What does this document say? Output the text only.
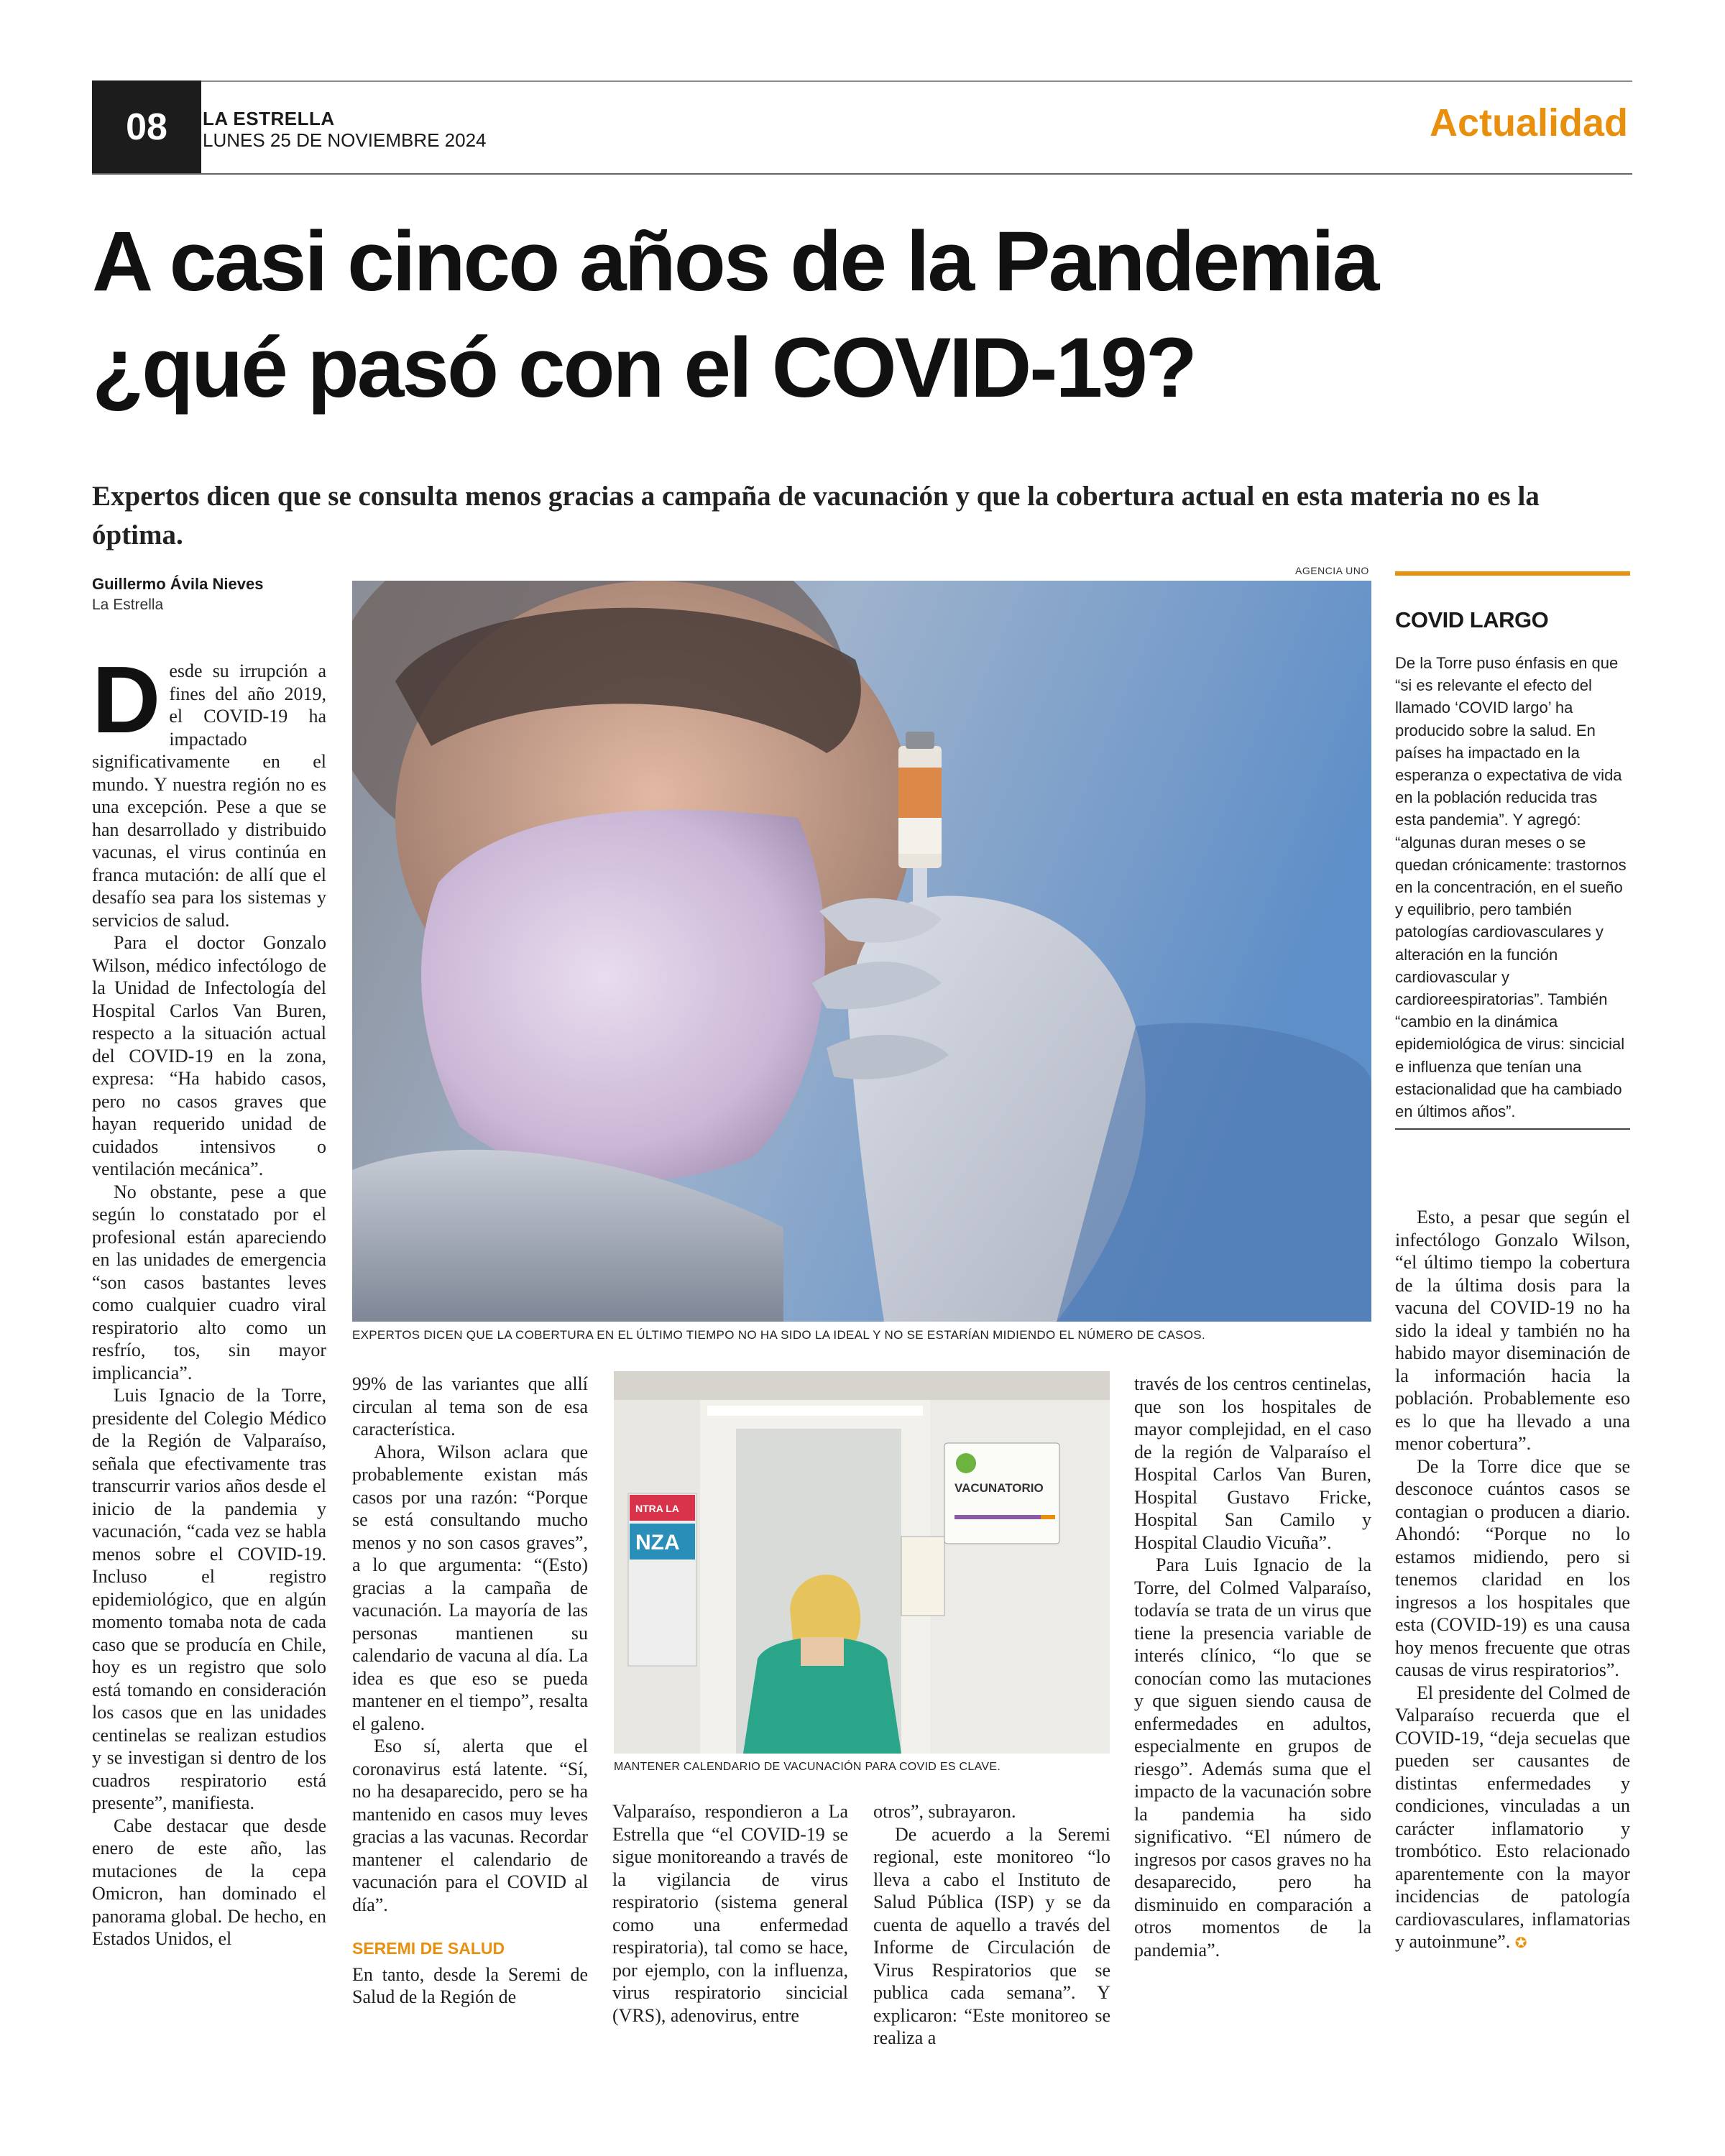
08	LA ESTRELLA
LUNES 25 DE NOVIEMBRE 2024	Actualidad
A casi cinco años de la Pandemia
¿qué pasó con el COVID-19?
Expertos dicen que se consulta menos gracias a campaña de vacunación y que la cobertura actual en esta materia no es la óptima.
Guillermo Ávila Nieves
La Estrella
AGENCIA UNO
EXPERTOS DICEN QUE LA COBERTURA EN EL ÚLTIMO TIEMPO NO HA SIDO LA IDEAL Y NO SE ESTARÍAN MIDIENDO EL NÚMERO DE CASOS.
NTRA LA
NZA
VACUNATORIO
MANTENER CALENDARIO DE VACUNACIÓN PARA COVID ES CLAVE.

Desde su irrupción a fines del año 2019, el COVID-19 ha impactado significativamente en el mundo. Y nuestra región no es una excepción. Pese a que se han desarrollado y distribuido vacunas, el virus continúa en franca mutación: de allí que el desafío sea para los sistemas y servicios de salud.

Para el doctor Gonzalo Wilson, médico infectólogo de la Unidad de Infectología del Hospital Carlos Van Buren, respecto a la situación actual del COVID-19 en la zona, expresa: “Ha habido casos, pero no casos graves que hayan requerido unidad de cuidados intensivos o ventilación mecánica”.

No obstante, pese a que según lo constatado por el profesional están apareciendo en las unidades de emergencia “son casos bastantes leves como cualquier cuadro viral respiratorio alto como un resfrío, tos, sin mayor implicancia”.

Luis Ignacio de la Torre, presidente del Colegio Médico de la Región de Valparaíso, señala que efectivamente tras transcurrir varios años desde el inicio de la pandemia y vacunación, “cada vez se habla menos sobre el COVID-19. Incluso el registro epidemiológico, que en algún momento tomaba nota de cada caso que se producía en Chile, hoy es un registro que solo está tomando en consideración los casos que en las unidades centinelas se realizan estudios y se investigan si dentro de los cuadros respiratorio está presente”, manifiesta.

Cabe destacar que desde enero de este año, las mutaciones de la cepa Omicron, han dominado el panorama global. De hecho, en Estados Unidos, el

99% de las variantes que allí circulan al tema son de esa característica.

Ahora, Wilson aclara que probablemente existan más casos por una razón: “Porque se está consultando mucho menos y no son casos graves”, a lo que argumenta: “(Esto) gracias a la campaña de vacunación. La mayoría de las personas mantienen su calendario de vacuna al día. La idea es que eso se pueda mantener en el tiempo”, resalta el galeno.

Eso sí, alerta que el coronavirus está latente. “Sí, no ha desaparecido, pero se ha mantenido en casos muy leves gracias a las vacunas. Recordar mantener el calendario de vacunación para el COVID al día”.

SEREMI DE SALUD

En tanto, desde la Seremi de Salud de la Región de

Valparaíso, respondieron a La Estrella que “el COVID-19 se sigue monitoreando a través de la vigilancia de virus respiratorio (sistema general como una enfermedad respiratoria), tal como se hace, por ejemplo, con la influenza, virus respiratorio sincicial (VRS), adenovirus, entre

otros”, subrayaron.

De acuerdo a la Seremi regional, este monitoreo “lo lleva a cabo el Instituto de Salud Pública (ISP) y se da cuenta de aquello a través del Informe de Circulación de Virus Respiratorios que se publica cada semana”. Y explicaron: “Este monitoreo se realiza a

través de los centros centinelas, que son los hospitales de mayor complejidad, en el caso de la región de Valparaíso el Hospital Carlos Van Buren, Hospital Gustavo Fricke, Hospital San Camilo y Hospital Claudio Vicuña”.

Para Luis Ignacio de la Torre, del Colmed Valparaíso, todavía se trata de un virus que tiene la presencia variable de interés clínico, “lo que se conocían como las mutaciones y que siguen siendo causa de enfermedades en adultos, especialmente en grupos de riesgo”. Además suma que el impacto de la vacunación sobre la pandemia ha sido significativo. “El número de ingresos por casos graves no ha desaparecido, pero ha disminuido en comparación a otros momentos de la pandemia”.

COVID LARGO
De la Torre puso énfasis en que “si es relevante el efecto del llamado ‘COVID largo’ ha producido sobre la salud. En países ha impactado en la esperanza o expectativa de vida en la población reducida tras esta pandemia”. Y agregó: “algunas duran meses o se quedan crónicamente: trastornos en la concentración, en el sueño y equilibrio, pero también patologías cardiovasculares y alteración en la función cardiovascular y cardioreespiratorias”. También “cambio en la dinámica epidemiológica de virus: sincicial e influenza que tenían una estacionalidad que ha cambiado en últimos años”.

Esto, a pesar que según el infectólogo Gonzalo Wilson, “el último tiempo la cobertura de la última dosis para la vacuna del COVID-19 no ha sido la ideal y también no ha habido mayor diseminación de la información hacia la población. Probablemente eso es lo que ha llevado a una menor cobertura”.

De la Torre dice que se desconoce cuántos casos se contagian o producen a diario. Ahondó: “Porque no lo estamos midiendo, pero si tenemos claridad en los ingresos a los hospitales que esta (COVID-19) es una causa hoy menos frecuente que otras causas de virus respiratorios”.

El presidente del Colmed de Valparaíso recuerda que el COVID-19, “deja secuelas que pueden ser causantes de distintas enfermedades y condiciones, vinculadas a un carácter inflamatorio y trombótico. Esto relacionado aparentemente con la mayor incidencias de patología cardiovasculares, inflamatorias y autoinmune”. ✪
